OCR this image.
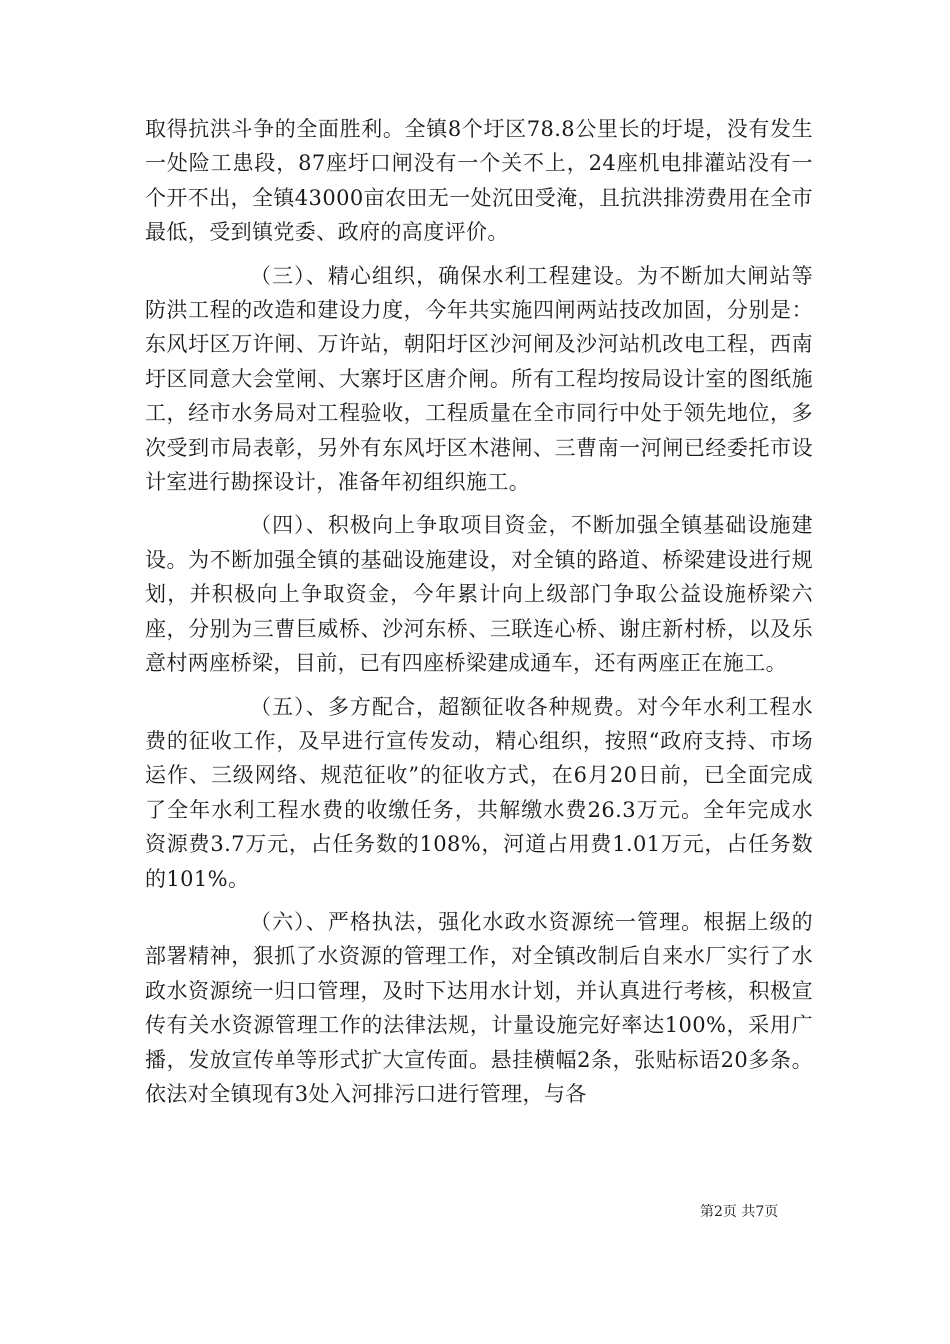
取得抗洪斗争的全面胜利。全镇8个圩区78.8公里长的圩堤，没有发生一处险工患段，87座圩口闸没有一个关不上，24座机电排灌站没有一个开不出，全镇43000亩农田无一处沉田受淹，且抗洪排涝费用在全市最低，受到镇党委、政府的高度评价。

（三）、精心组织，确保水利工程建设。为不断加大闸站等防洪工程的改造和建设力度，今年共实施四闸两站技改加固，分别是：东风圩区万许闸、万许站，朝阳圩区沙河闸及沙河站机改电工程，西南圩区同意大会堂闸、大寨圩区唐介闸。所有工程均按局设计室的图纸施工，经市水务局对工程验收，工程质量在全市同行中处于领先地位，多次受到市局表彰，另外有东风圩区木港闸、三曹南一河闸已经委托市设计室进行勘探设计，准备年初组织施工。

（四）、积极向上争取项目资金，不断加强全镇基础设施建设。为不断加强全镇的基础设施建设，对全镇的路道、桥梁建设进行规划，并积极向上争取资金，今年累计向上级部门争取公益设施桥梁六座，分别为三曹巨威桥、沙河东桥、三联连心桥、谢庄新村桥，以及乐意村两座桥梁，目前，已有四座桥梁建成通车，还有两座正在施工。

（五）、多方配合，超额征收各种规费。对今年水利工程水费的征收工作，及早进行宣传发动，精心组织，按照“政府支持、市场运作、三级网络、规范征收”的征收方式，在6月20日前，已全面完成了全年水利工程水费的收缴任务，共解缴水费26.3万元。全年完成水资源费3.7万元，占任务数的108%，河道占用费1.01万元，占任务数的101%。

（六）、严格执法，强化水政水资源统一管理。根据上级的部署精神，狠抓了水资源的管理工作，对全镇改制后自来水厂实行了水政水资源统一归口管理，及时下达用水计划，并认真进行考核，积极宣传有关水资源管理工作的法律法规，计量设施完好率达100%，采用广播，发放宣传单等形式扩大宣传面。悬挂横幅2条，张贴标语20多条。依法对全镇现有3处入河排污口进行管理，与各

第2页 共7页
